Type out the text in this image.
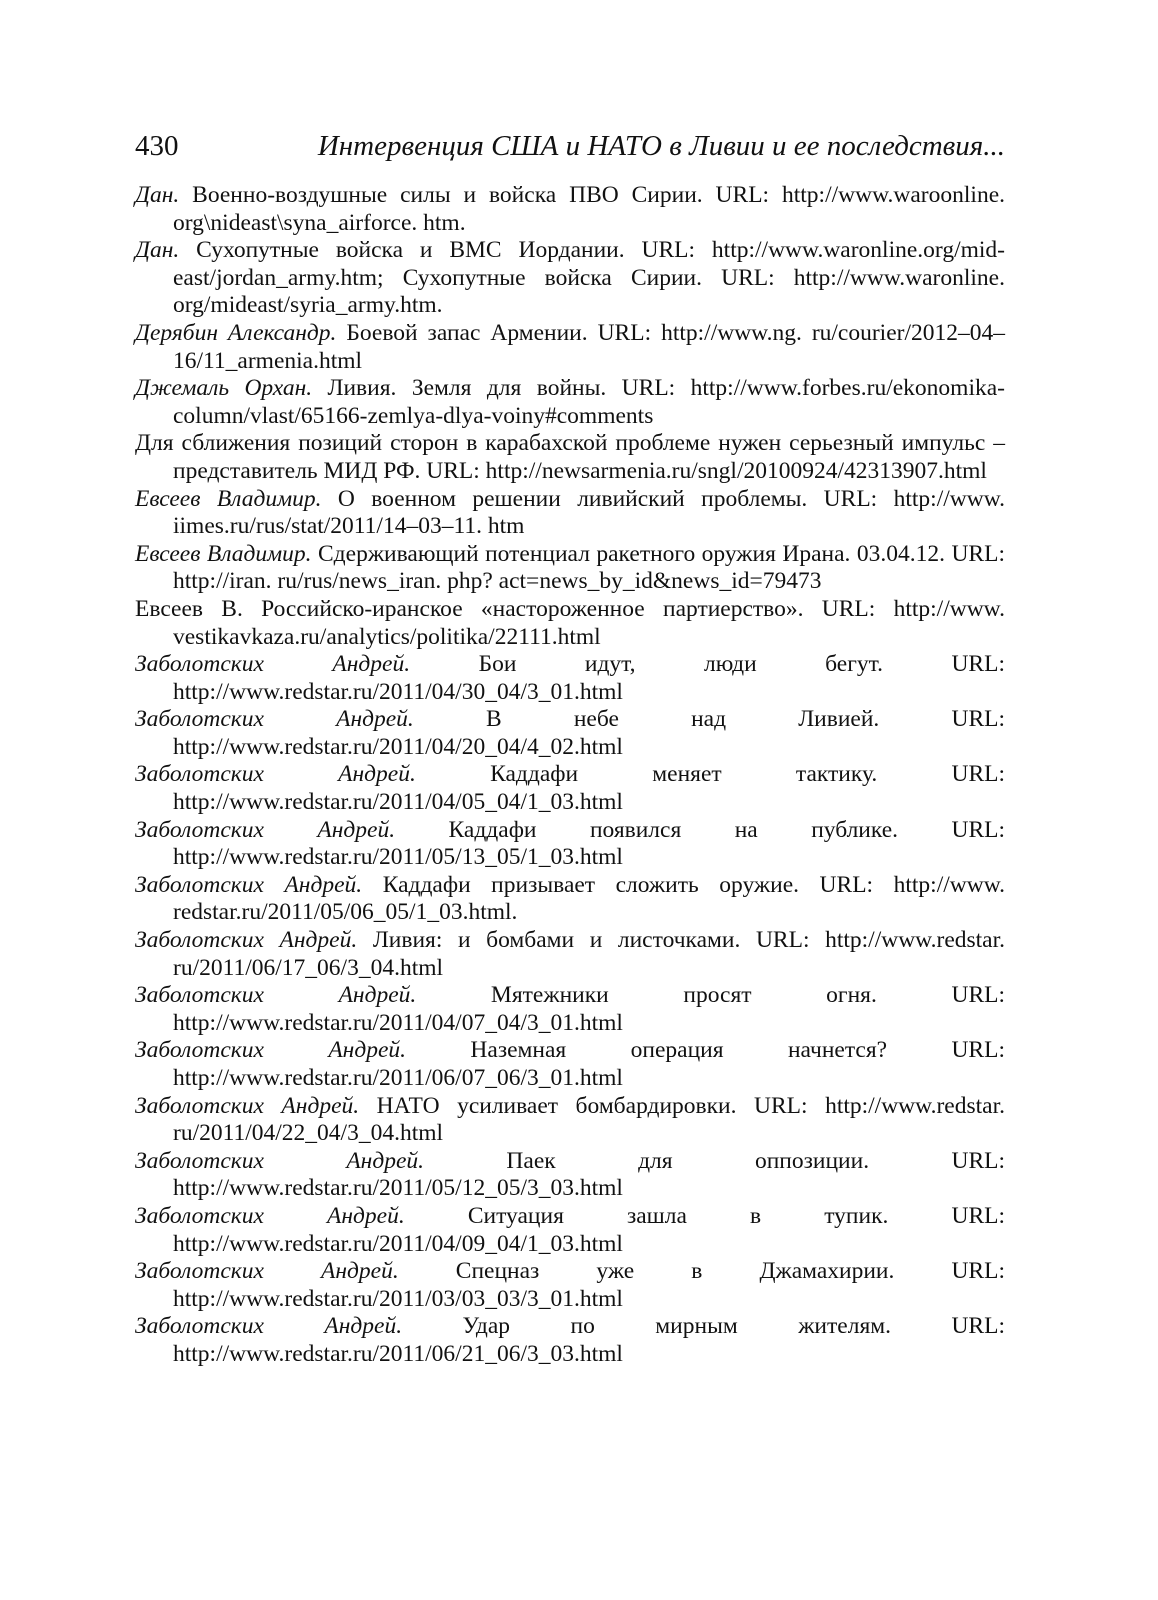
430	Интервенция США и НАТО в Ливии и ее последствия...
Дан. Военно-воздушные силы и войска ПВО Сирии. URL: http://www.waroonline. org\nideast\syna_airforce. htm.
Дан. Сухопутные войска и ВМС Иордании. URL: http://www.waronline.org/mid-east/jordan_army.htm; Сухопутные войска Сирии. URL: http://www.waronline. org/mideast/syria_army.htm.
Дерябин Александр. Боевой запас Армении. URL: http://www.ng. ru/courier/2012–04–16/11_armenia.html
Джемаль Орхан. Ливия. Земля для войны. URL: http://www.forbes.ru/ekonomika-column/vlast/65166-zemlya-dlya-voiny#comments
Для сближения позиций сторон в карабахской проблеме нужен серьезный импульс – представитель МИД РФ. URL: http://newsarmenia.ru/sngl/20100924/42313907.html
Евсеев Владимир. О военном решении ливийский проблемы. URL: http://www. iimes.ru/rus/stat/2011/14–03–11. htm
Евсеев Владимир. Сдерживающий потенциал ракетного оружия Ирана. 03.04.12. URL: http://iran. ru/rus/news_iran. php? act=news_by_id&news_id=79473
Евсеев В. Российско-иранское «настороженное партиерство». URL: http://www. vestikavkaza.ru/analytics/politika/22111.html
Заболотских Андрей. Бои идут, люди бегут. URL: http://www.redstar.ru/2011/04/30_04/3_01.html
Заболотских Андрей. В небе над Ливией. URL: http://www.redstar.ru/2011/04/20_04/4_02.html
Заболотских Андрей. Каддафи меняет тактику. URL: http://www.redstar.ru/2011/04/05_04/1_03.html
Заболотских Андрей. Каддафи появился на публике. URL: http://www.redstar.ru/2011/05/13_05/1_03.html
Заболотских Андрей. Каддафи призывает сложить оружие. URL: http://www. redstar.ru/2011/05/06_05/1_03.html.
Заболотских Андрей. Ливия: и бомбами и листочками. URL: http://www.redstar. ru/2011/06/17_06/3_04.html
Заболотских Андрей. Мятежники просят огня. URL: http://www.redstar.ru/2011/04/07_04/3_01.html
Заболотских Андрей. Наземная операция начнется? URL: http://www.redstar.ru/2011/06/07_06/3_01.html
Заболотских Андрей. НАТО усиливает бомбардировки. URL: http://www.redstar. ru/2011/04/22_04/3_04.html
Заболотских Андрей. Паек для оппозиции. URL: http://www.redstar.ru/2011/05/12_05/3_03.html
Заболотских Андрей. Ситуация зашла в тупик. URL: http://www.redstar.ru/2011/04/09_04/1_03.html
Заболотских Андрей. Спецназ уже в Джамахирии. URL: http://www.redstar.ru/2011/03/03_03/3_01.html
Заболотских Андрей. Удар по мирным жителям. URL: http://www.redstar.ru/2011/06/21_06/3_03.html
